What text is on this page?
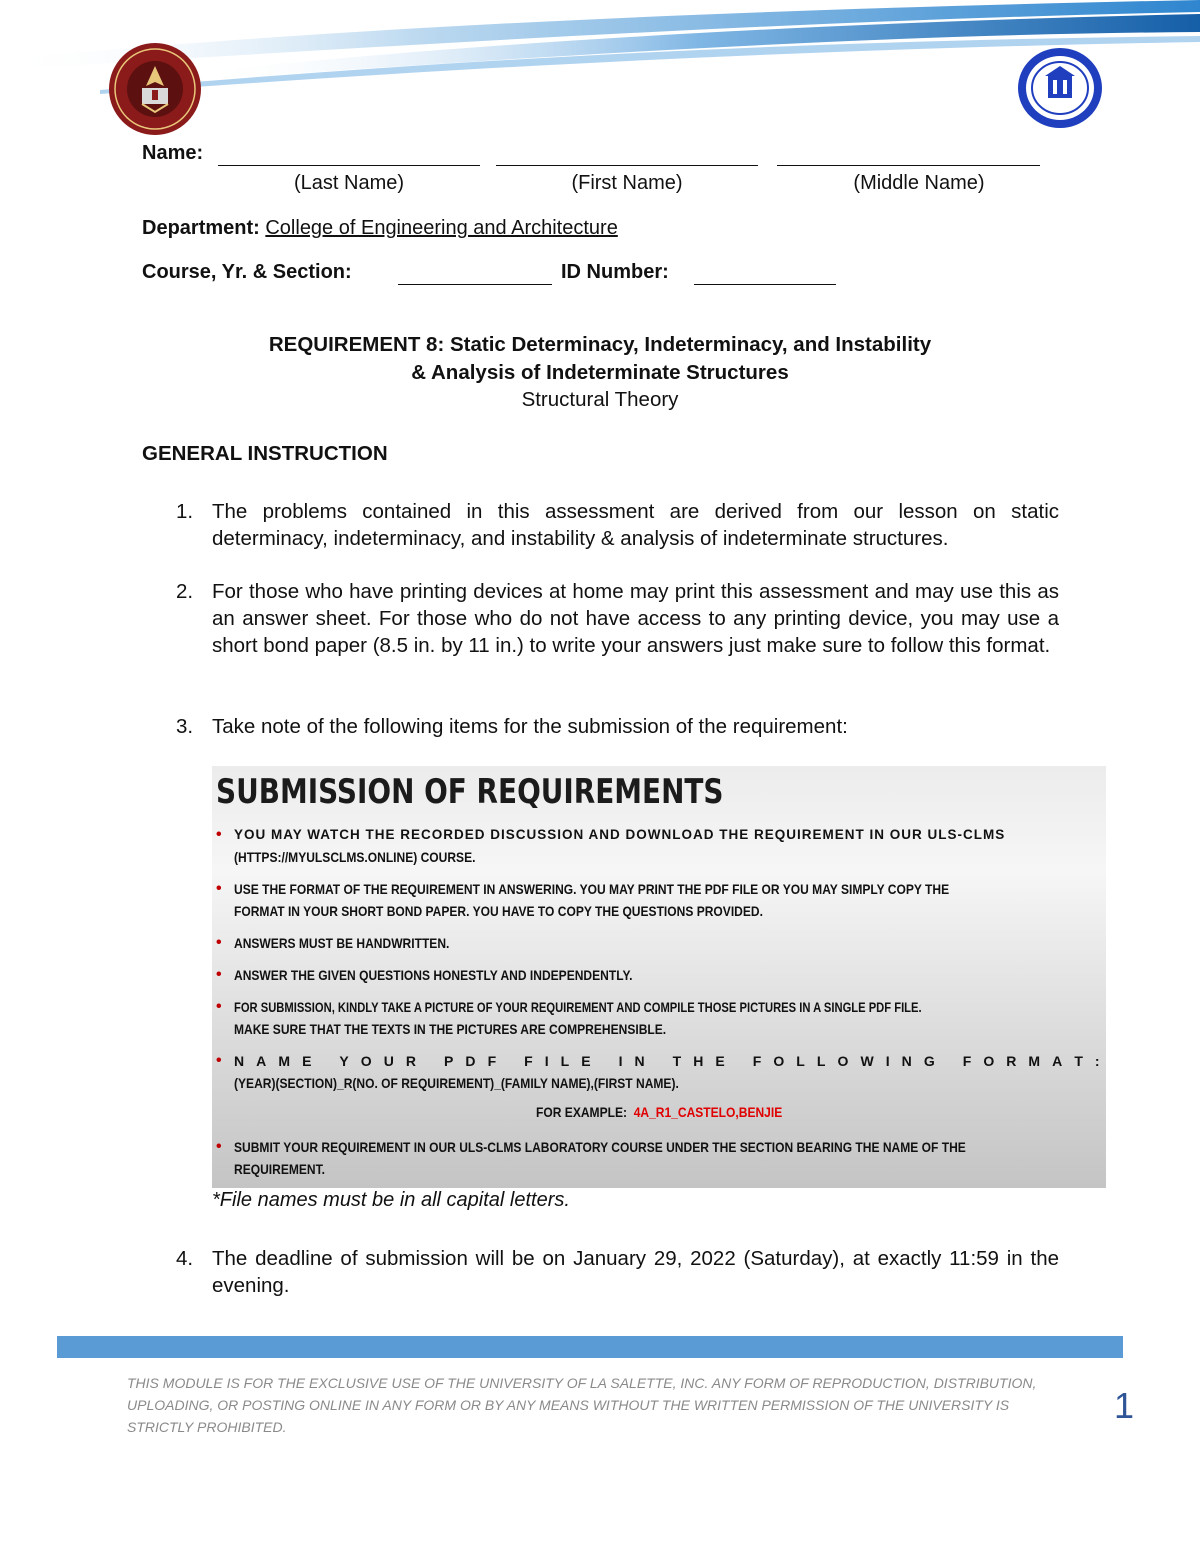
Name:
(Last Name)	(First Name)	(Middle Name)
Department: College of Engineering and Architecture
Course, Yr. & Section:	ID Number:
REQUIREMENT 8: Static Determinacy, Indeterminacy, and Instability
& Analysis of Indeterminate Structures
Structural Theory
GENERAL INSTRUCTION
1. The problems contained in this assessment are derived from our lesson on static determinacy, indeterminacy, and instability & analysis of indeterminate structures.
2. For those who have printing devices at home may print this assessment and may use this as an answer sheet. For those who do not have access to any printing device, you may use a short bond paper (8.5 in. by 11 in.) to write your answers just make sure to follow this format.
3. Take note of the following items for the submission of the requirement:
SUBMISSION OF REQUIREMENTS
• YOU MAY WATCH THE RECORDED DISCUSSION AND DOWNLOAD THE REQUIREMENT IN OUR ULS-CLMS
(HTTPS://MYULSCLMS.ONLINE) COURSE.
• USE THE FORMAT OF THE REQUIREMENT IN ANSWERING. YOU MAY PRINT THE PDF FILE OR YOU MAY SIMPLY COPY THE
FORMAT IN YOUR SHORT BOND PAPER. YOU HAVE TO COPY THE QUESTIONS PROVIDED.
• ANSWERS MUST BE HANDWRITTEN.
• ANSWER THE GIVEN QUESTIONS HONESTLY AND INDEPENDENTLY.
• FOR SUBMISSION, KINDLY TAKE A PICTURE OF YOUR REQUIREMENT AND COMPILE THOSE PICTURES IN A SINGLE PDF FILE.
MAKE SURE THAT THE TEXTS IN THE PICTURES ARE COMPREHENSIBLE.
• N A M E
Y O U R
P D F
F I L E
I N
T H E
F O L L O W I N G
F O R M A T :
(YEAR)(SECTION)_R(NO. OF REQUIREMENT)_(FAMILY NAME),(FIRST NAME).
FOR EXAMPLE: 4A_R1_CASTELO,BENJIE
• SUBMIT YOUR REQUIREMENT IN OUR ULS-CLMS LABORATORY COURSE UNDER THE SECTION BEARING THE NAME OF THE
REQUIREMENT.
*File names must be in all capital letters.
4. The deadline of submission will be on January 29, 2022 (Saturday), at exactly 11:59 in the evening.
THIS MODULE IS FOR THE EXCLUSIVE USE OF THE UNIVERSITY OF LA SALETTE, INC. ANY FORM OF REPRODUCTION, DISTRIBUTION, UPLOADING, OR POSTING ONLINE IN ANY FORM OR BY ANY MEANS WITHOUT THE WRITTEN PERMISSION OF THE UNIVERSITY IS STRICTLY PROHIBITED.
1
